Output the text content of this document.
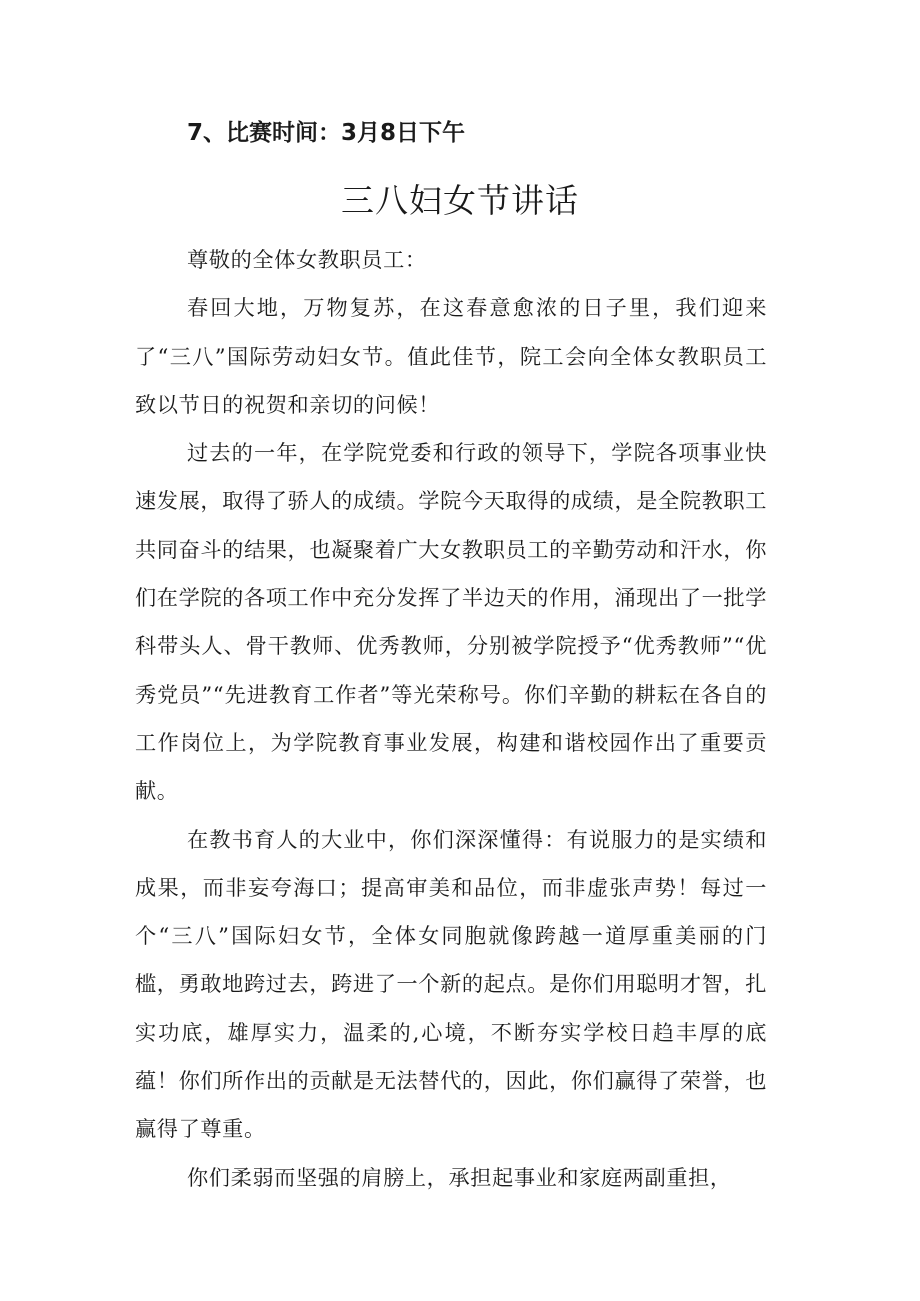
7、比赛时间：3月8日下午
三八妇女节讲话

尊敬的全体女教职员工：

春回大地，万物复苏，在这春意愈浓的日子里，我们迎来了“三八”国际劳动妇女节。值此佳节，院工会向全体女教职员工致以节日的祝贺和亲切的问候！

过去的一年，在学院党委和行政的领导下，学院各项事业快速发展，取得了骄人的成绩。学院今天取得的成绩，是全院教职工共同奋斗的结果，也凝聚着广大女教职员工的辛勤劳动和汗水，你们在学院的各项工作中充分发挥了半边天的作用，涌现出了一批学科带头人、骨干教师、优秀教师，分别被学院授予“优秀教师”“优秀党员”“先进教育工作者”等光荣称号。你们辛勤的耕耘在各自的工作岗位上，为学院教育事业发展，构建和谐校园作出了重要贡献。

在教书育人的大业中，你们深深懂得：有说服力的是实绩和成果，而非妄夸海口；提高审美和品位，而非虚张声势！每过一个“三八”国际妇女节，全体女同胞就像跨越一道厚重美丽的门槛，勇敢地跨过去，跨进了一个新的起点。是你们用聪明才智，扎实功底，雄厚实力，温柔的,心境，不断夯实学校日趋丰厚的底蕴！你们所作出的贡献是无法替代的，因此，你们赢得了荣誉，也赢得了尊重。

你们柔弱而坚强的肩膀上，承担起事业和家庭两副重担，
